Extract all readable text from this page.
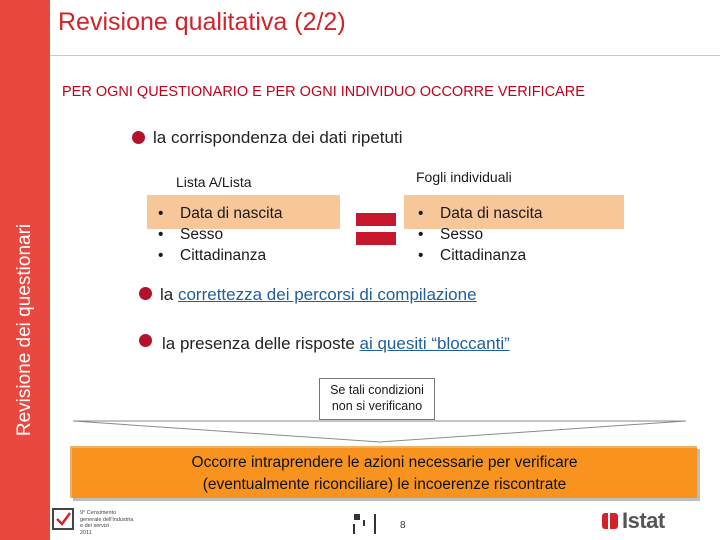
Revisione dei questionari
Revisione qualitativa (2/2)
PER OGNI QUESTIONARIO E PER OGNI INDIVIDUO OCCORRE VERIFICARE
la corrispondenza dei dati ripetuti
Lista A/Lista	Fogli individuali
• Data di nascita
• Sesso
• Cittadinanza
• Data di nascita
• Sesso
• Cittadinanza
la correttezza dei percorsi di compilazione
la presenza delle risposte ai quesiti “bloccanti”
Se tali condizioni
non si verificano
Occorre intraprendere le azioni necessarie per verificare
(eventualmente riconciliare) le incoerenze riscontrate
9° Censimento
generale dell'industria
e dei servizi
2011
8	Istat
